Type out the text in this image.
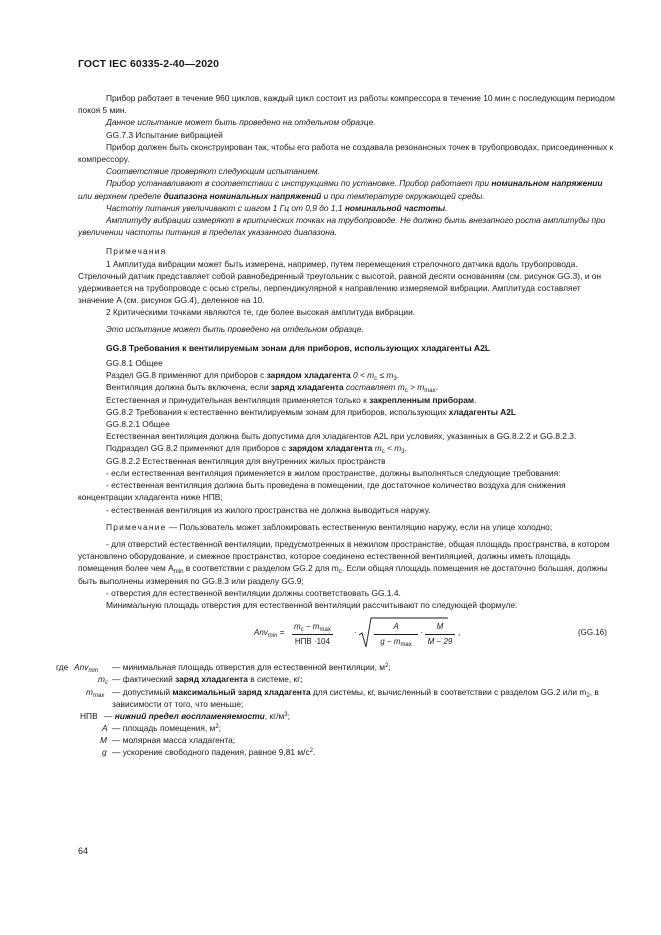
ГОСТ IEC 60335-2-40—2020

Прибор работает в течение 960 циклов, каждый цикл состоит из работы компрессора в течение 10 мин с последующим периодом покоя 5 мин.

Данное испытание может быть проведено на отдельном образце.

GG.7.3 Испытание вибрацией

Прибор должен быть сконструирован так, чтобы его работа не создавала резонансных точек в трубопроводах, присоединенных к компрессору.

Соответствие проверяют следующим испытанием.

Прибор устанавливают в соответствии с инструкциями по установке. Прибор работает при номинальном напряжении или верхнем пределе диапазона номинальных напряжений и при температуре окружающей среды.

Частоту питания увеличивают с шагом 1 Гц от 0,9 до 1,1 номинальной частоты.

Амплитуду вибрации измеряют в критических точках на трубопроводе. Не должно быть внезапного роста амплитуды при увеличении частоты питания в пределах указанного диапазона.

Примечания

1 Амплитуда вибрации может быть измерена, например, путем перемещения стрелочного датчика вдоль трубопровода. Стрелочный датчик представляет собой равнобедренный треугольник с высотой, равной десяти основаниям (см. рисунок GG.3), и он удерживается на трубопроводе с осью стрелы, перпендикулярной к направлению измеряемой вибрации. Амплитуда составляет значение A (см. рисунок GG.4), деленное на 10.

2 Критическими точками являются те, где более высокая амплитуда вибрации.

Это испытание может быть проведено на отдельном образце.

GG.8 Требования к вентилируемым зонам для приборов, использующих хладагенты A2L

GG.8.1 Общее

Раздел GG.8 применяют для приборов с зарядом хладагента $0 < m_c \le m_3$.

Вентиляция должна быть включена, если заряд хладагента составляет $m_c > m_{max}$.

Естественная и принудительная вентиляция применяется только к закрепленным приборам.

GG.8.2 Требования к естественно вентилируемым зонам для приборов, использующих хладагенты A2L

GG.8.2.1 Общее

Естественная вентиляция должна быть допустима для хладагентов A2L при условиях, указанных в GG.8.2.2 и GG.8.2.3.

Подраздел GG.8.2 применяют для приборов с зарядом хладагента $m_c < m_3$.

GG.8.2.2 Естественная вентиляция для внутренних жилых пространств

- если естественная вентиляция применяется в жилом пространстве, должны выполняться следующие требования:

- естественная вентиляция должна быть проведена в помещении, где достаточное количество воздуха для снижения концентрации хладагента ниже НПВ;

- естественная вентиляция из жилого пространства не должна выводиться наружу.

Примечание — Пользователь может заблокировать естественную вентиляцию наружу, если на улице холодно;

- для отверстий естественной вентиляции, предусмотренных в нежилом пространстве, общая площадь пространства, в котором установлено оборудование, и смежное пространство, которое соединено естественной вентиляцией, должны иметь площадь помещения более чем $A_{min}$ в соответствии с разделом GG.2 для $m_c$. Если общая площадь помещения не достаточно большая, должны быть выполнены измерения по GG.8.3 или разделу GG.9;

- отверстия для естественной вентиляции должны соответствовать GG.1.4.

Минимальную площадь отверстия для естественной вентиляции рассчитывают по следующей формуле:

Anv$_{min}$ =
$m_c - m_{max}$
НПВ ·104
·
A
$g - m_{max}$
· $\frac{M}{M - 29}$ ,	(GG.16)
где Anv$_{min}$ — минимальная площадь отверстия для естественной вентиляции, $м^2$;
$m_c$ — фактический заряд хладагента в системе, кг;
$m_{max}$ — допустимый максимальный заряд хладагента для системы, кг, вычисленный в соответствии с разделом GG.2 или $m_2$, в зависимости от того, что меньше;
НПВ — нижний предел воспламеняемости, $кг/м^3$;
A — площадь помещения, $м^2$;
M — молярная масса хладагента;
g — ускорение свободного падения, равное 9,81 $м/с^2$.
64
